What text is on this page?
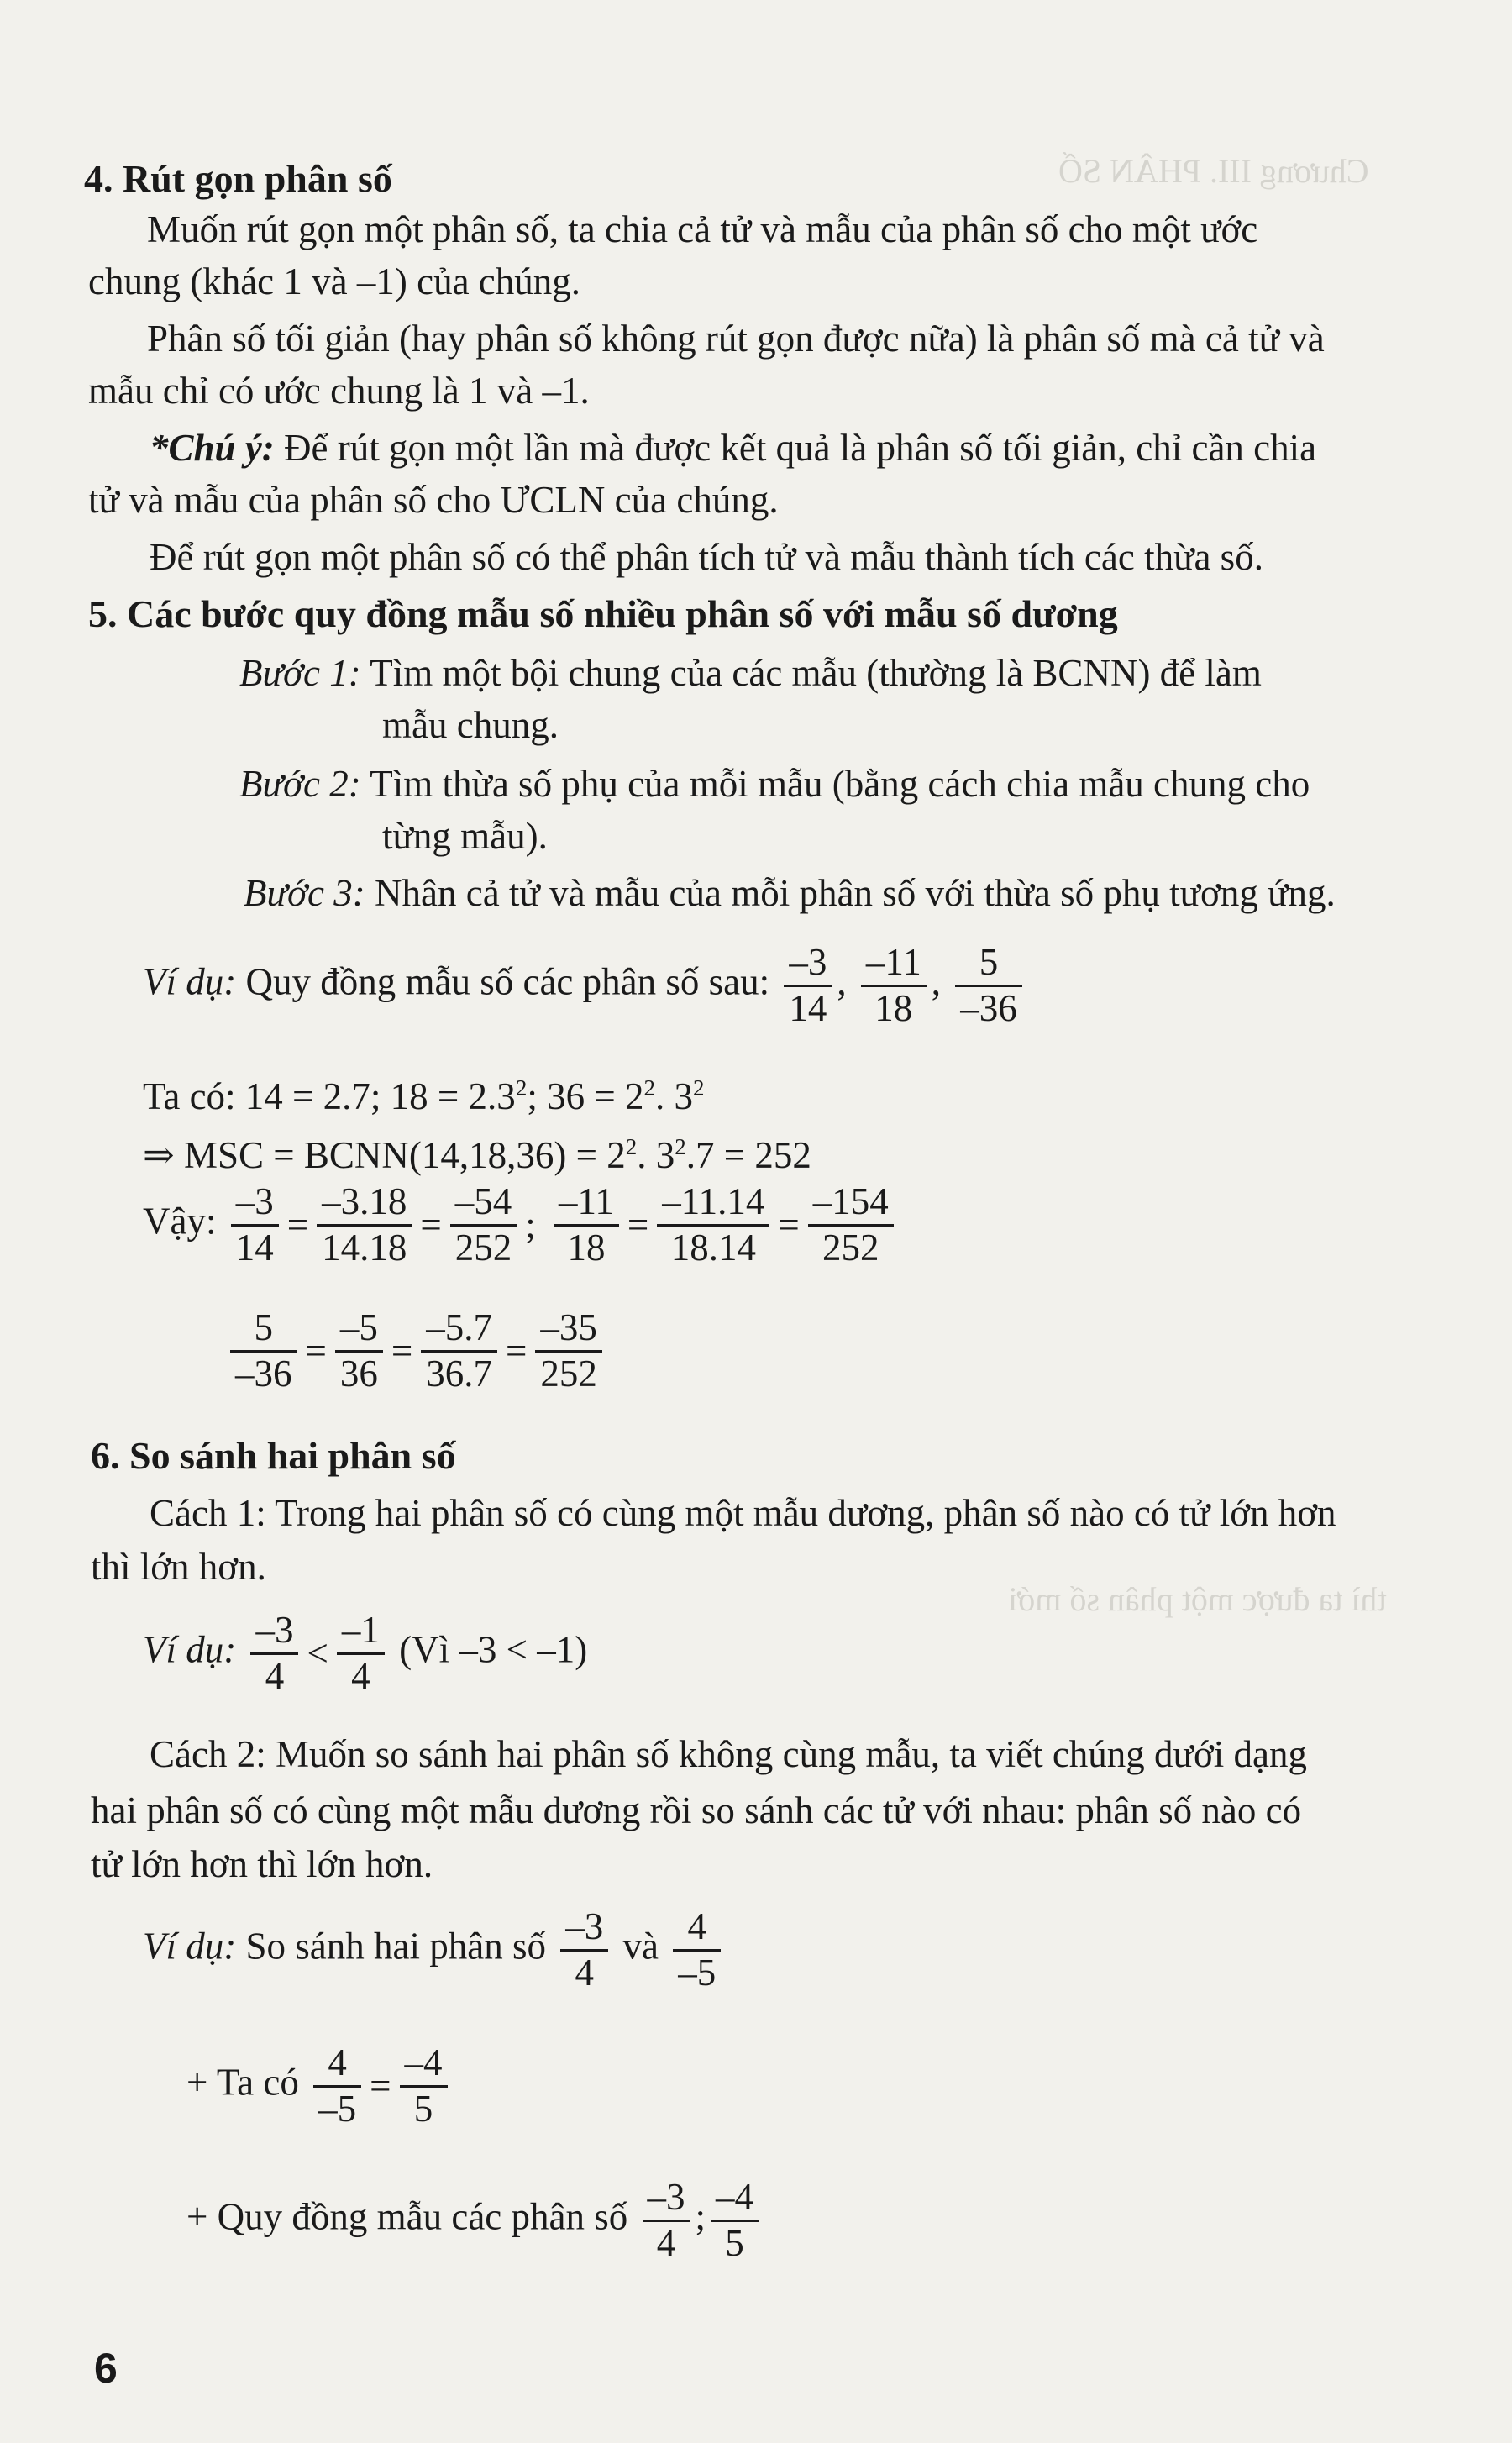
Chương III. PHÂN SỐ
thì ta được một phân số mới
4. Rút gọn phân số
Muốn rút gọn một phân số, ta chia cả tử và mẫu của phân số cho một ước
chung (khác 1 và –1) của chúng.
Phân số tối giản (hay phân số không rút gọn được nữa) là phân số mà cả tử và
mẫu chỉ có ước chung là 1 và –1.
*Chú ý: Để rút gọn một lần mà được kết quả là phân số tối giản, chỉ cần chia
tử và mẫu của phân số cho ƯCLN của chúng.
Để rút gọn một phân số có thể phân tích tử và mẫu thành tích các thừa số.
5. Các bước quy đồng mẫu số nhiều phân số với mẫu số dương
Bước 1: Tìm một bội chung của các mẫu (thường là BCNN) để làm
mẫu chung.
Bước 2: Tìm thừa số phụ của mỗi mẫu (bằng cách chia mẫu chung cho
từng mẫu).
Bước 3: Nhân cả tử và mẫu của mỗi phân số với thừa số phụ tương ứng.
Ví dụ: Quy đồng mẫu số các phân số sau: $\frac{-3}{14}$ , $\frac{-11}{18}$ , $\frac{5}{-36}$
Ta có: 14 = 2.7; $18 = 2.3^2$; $36 = 2^2$. $3^2$
⇒ MSC = BCNN(14,18,36) = $2^2$. $3^2.7 = 252$
Vậy: $\frac{-3}{14} = \frac{-3.18}{14.18} = \frac{-54}{252}$ ; $\frac{-11}{18} = \frac{-11.14}{18.14} = \frac{-154}{252}$
$\frac{5}{-36} = \frac{-5}{36} = \frac{-5.7}{36.7} = \frac{-35}{252}$
6. So sánh hai phân số
Cách 1: Trong hai phân số có cùng một mẫu dương, phân số nào có tử lớn hơn
thì lớn hơn.
Ví dụ: $\frac{-3}{4} < \frac{-1}{4}$ (Vì –3 < –1)
Cách 2: Muốn so sánh hai phân số không cùng mẫu, ta viết chúng dưới dạng
hai phân số có cùng một mẫu dương rồi so sánh các tử với nhau: phân số nào có
tử lớn hơn thì lớn hơn.
Ví dụ: So sánh hai phân số $\frac{-3}{4}$ và $\frac{4}{-5}$
+ Ta có $\frac{4}{-5} = \frac{-4}{5}$
+ Quy đồng mẫu các phân số $\frac{-3}{4}$ ; $\frac{-4}{5}$
6
